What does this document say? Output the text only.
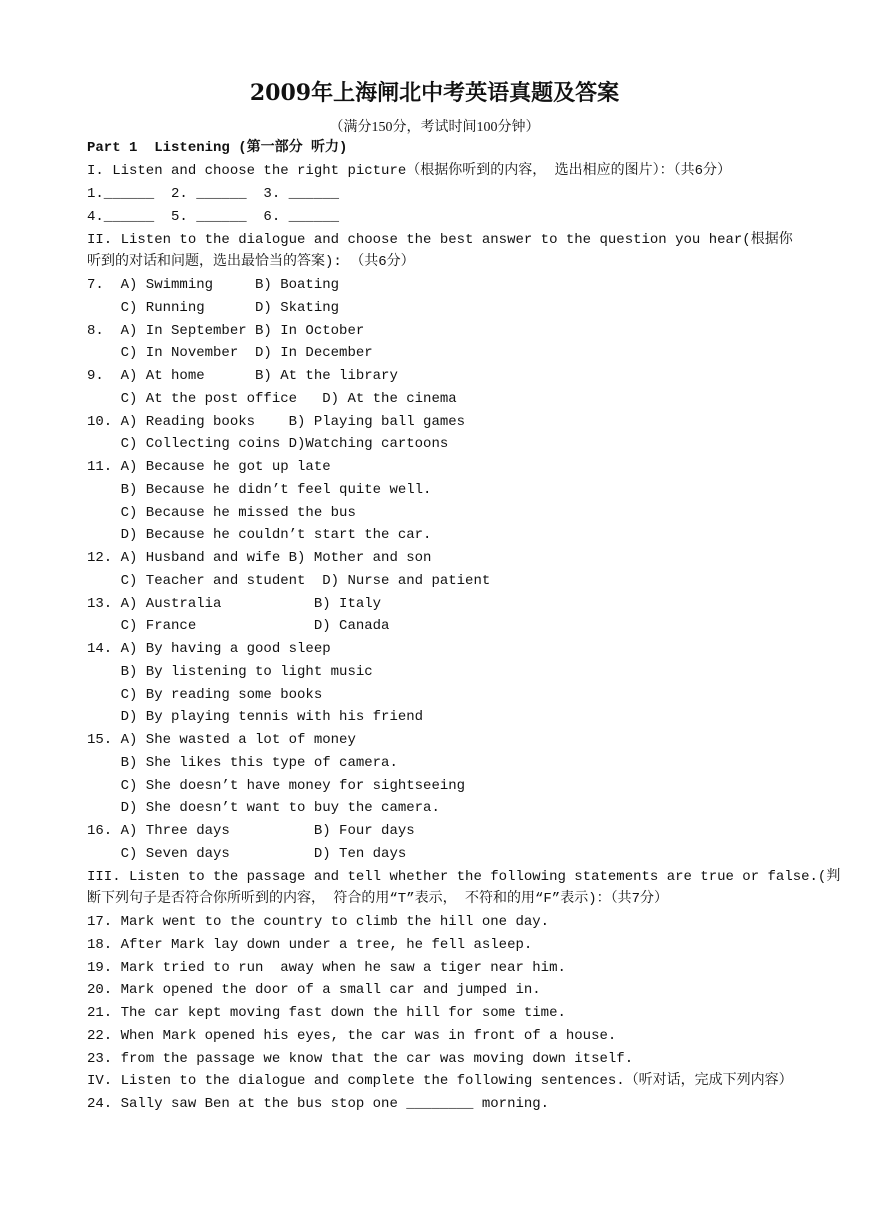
2009年上海闸北中考英语真题及答案
（满分150分，考试时间100分钟）
Part 1  Listening (第一部分 听力)
I. Listen and choose the right picture（根据你听到的内容， 选出相应的图片）：（共6分）
1.______  2. ______  3. ______
4.______  5. ______  6. ______
II. Listen to the dialogue and choose the best answer to the question you hear(根据你
听到的对话和问题，选出最恰当的答案): （共6分）
7.  A) Swimming     B) Boating
C) Running      D) Skating
8.  A) In September B) In October
C) In November  D) In December
9.  A) At home      B) At the library
C) At the post office   D) At the cinema
10. A) Reading books    B) Playing ball games
C) Collecting coins D)Watching cartoons
11. A) Because he got up late
B) Because he didn’t feel quite well.
C) Because he missed the bus
D) Because he couldn’t start the car.
12. A) Husband and wife B) Mother and son
C) Teacher and student  D) Nurse and patient
13. A) Australia           B) Italy
C) France              D) Canada
14. A) By having a good sleep
B) By listening to light music
C) By reading some books
D) By playing tennis with his friend
15. A) She wasted a lot of money
B) She likes this type of camera.
C) She doesn’t have money for sightseeing
D) She doesn’t want to buy the camera.
16. A) Three days          B) Four days
C) Seven days          D) Ten days
III. Listen to the passage and tell whether the following statements are true or false.(判
断下列句子是否符合你所听到的内容， 符合的用“T”表示， 不符和的用“F”表示)：（共7分）
17. Mark went to the country to climb the hill one day.
18. After Mark lay down under a tree, he fell asleep.
19. Mark tried to run  away when he saw a tiger near him.
20. Mark opened the door of a small car and jumped in.
21. The car kept moving fast down the hill for some time.
22. When Mark opened his eyes, the car was in front of a house.
23. from the passage we know that the car was moving down itself.
IV. Listen to the dialogue and complete the following sentences.（听对话，完成下列内容）
24. Sally saw Ben at the bus stop one ________ morning.
